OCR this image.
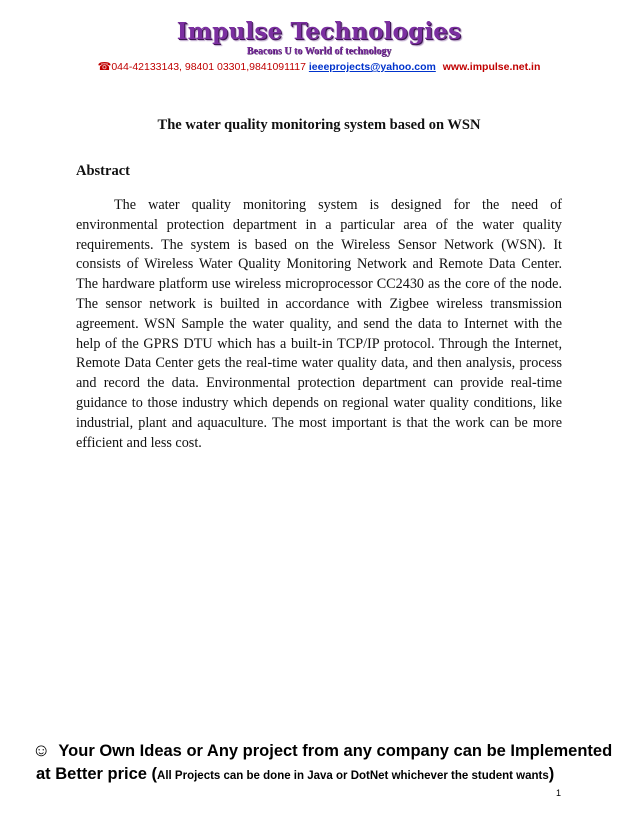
Impulse Technologies
Beacons U to World of technology
☎044-42133143, 98401 03301,9841091117 ieeeprojects@yahoo.com www.impulse.net.in
The water quality monitoring system based on WSN
Abstract

The water quality monitoring system is designed for the need of environmental protection department in a particular area of the water quality requirements. The system is based on the Wireless Sensor Network (WSN). It consists of Wireless Water Quality Monitoring Network and Remote Data Center. The hardware platform use wireless microprocessor CC2430 as the core of the node. The sensor network is builted in accordance with Zigbee wireless transmission agreement. WSN Sample the water quality, and send the data to Internet with the help of the GPRS DTU which has a built-in TCP/IP protocol. Through the Internet, Remote Data Center gets the real-time water quality data, and then analysis, process and record the data. Environmental protection department can provide real-time guidance to those industry which depends on regional water quality conditions, like industrial, plant and aquaculture. The most important is that the work can be more efficient and less cost.

☺ Your Own Ideas or Any project from any company can be Implemented
at Better price (All Projects can be done in Java or DotNet whichever the student wants)
1
